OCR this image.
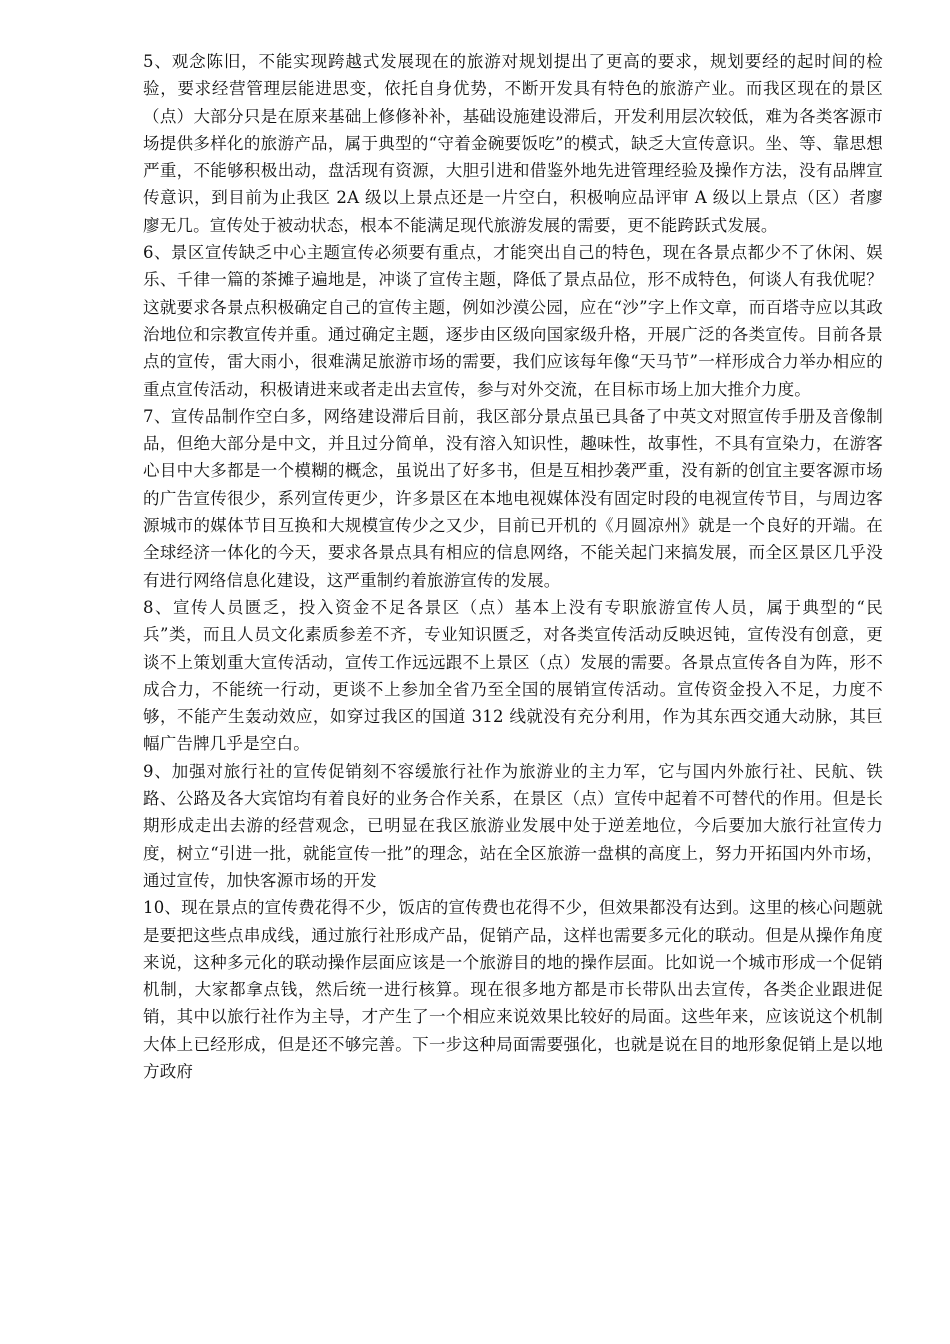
5、观念陈旧，不能实现跨越式发展现在的旅游对规划提出了更高的要求，规划要经的起时间的检验，要求经营管理层能进思变，依托自身优势，不断开发具有特色的旅游产业。而我区现在的景区（点）大部分只是在原来基础上修修补补，基础设施建设滞后，开发利用层次较低，难为各类客源市场提供多样化的旅游产品，属于典型的“守着金碗要饭吃”的模式，缺乏大宣传意识。坐、等、靠思想严重，不能够积极出动，盘活现有资源，大胆引进和借鉴外地先进管理经验及操作方法，没有品牌宣传意识，到目前为止我区 2A 级以上景点还是一片空白，积极响应品评审 A 级以上景点（区）者廖廖无几。宣传处于被动状态，根本不能满足现代旅游发展的需要，更不能跨跃式发展。

6、景区宣传缺乏中心主题宣传必须要有重点，才能突出自己的特色，现在各景点都少不了休闲、娱乐、千律一篇的茶摊子遍地是，冲谈了宣传主题，降低了景点品位，形不成特色，何谈人有我优呢？这就要求各景点积极确定自己的宣传主题，例如沙漠公园，应在“沙”字上作文章，而百塔寺应以其政治地位和宗教宣传并重。通过确定主题，逐步由区级向国家级升格，开展广泛的各类宣传。目前各景点的宣传，雷大雨小，很难满足旅游市场的需要，我们应该每年像“天马节”一样形成合力举办相应的重点宣传活动，积极请进来或者走出去宣传，参与对外交流，在目标市场上加大推介力度。

7、宣传品制作空白多，网络建设滞后目前，我区部分景点虽已具备了中英文对照宣传手册及音像制品，但绝大部分是中文，并且过分简单，没有溶入知识性，趣味性，故事性，不具有宣染力，在游客心目中大多都是一个模糊的概念，虽说出了好多书，但是互相抄袭严重，没有新的创宜主要客源市场的广告宣传很少，系列宣传更少，许多景区在本地电视媒体没有固定时段的电视宣传节目，与周边客源城市的媒体节目互换和大规模宣传少之又少，目前已开机的《月圆凉州》就是一个良好的开端。在全球经济一体化的今天，要求各景点具有相应的信息网络，不能关起门来搞发展，而全区景区几乎没有进行网络信息化建设，这严重制约着旅游宣传的发展。

8、宣传人员匮乏，投入资金不足各景区（点）基本上没有专职旅游宣传人员，属于典型的“民兵”类，而且人员文化素质参差不齐，专业知识匮乏，对各类宣传活动反映迟钝，宣传没有创意，更谈不上策划重大宣传活动，宣传工作远远跟不上景区（点）发展的需要。各景点宣传各自为阵，形不成合力，不能统一行动，更谈不上参加全省乃至全国的展销宣传活动。宣传资金投入不足，力度不够，不能产生轰动效应，如穿过我区的国道 312 线就没有充分利用，作为其东西交通大动脉，其巨幅广告牌几乎是空白。

9、加强对旅行社的宣传促销刻不容缓旅行社作为旅游业的主力军，它与国内外旅行社、民航、铁路、公路及各大宾馆均有着良好的业务合作关系，在景区（点）宣传中起着不可替代的作用。但是长期形成走出去游的经营观念，已明显在我区旅游业发展中处于逆差地位，今后要加大旅行社宣传力度，树立“引进一批，就能宣传一批”的理念，站在全区旅游一盘棋的高度上，努力开拓国内外市场，通过宣传，加快客源市场的开发

10、现在景点的宣传费花得不少，饭店的宣传费也花得不少，但效果都没有达到。这里的核心问题就是要把这些点串成线，通过旅行社形成产品，促销产品，这样也需要多元化的联动。但是从操作角度来说，这种多元化的联动操作层面应该是一个旅游目的地的操作层面。比如说一个城市形成一个促销机制，大家都拿点钱，然后统一进行核算。现在很多地方都是市长带队出去宣传，各类企业跟进促销，其中以旅行社作为主导，才产生了一个相应来说效果比较好的局面。这些年来，应该说这个机制大体上已经形成，但是还不够完善。下一步这种局面需要强化，也就是说在目的地形象促销上是以地方政府
